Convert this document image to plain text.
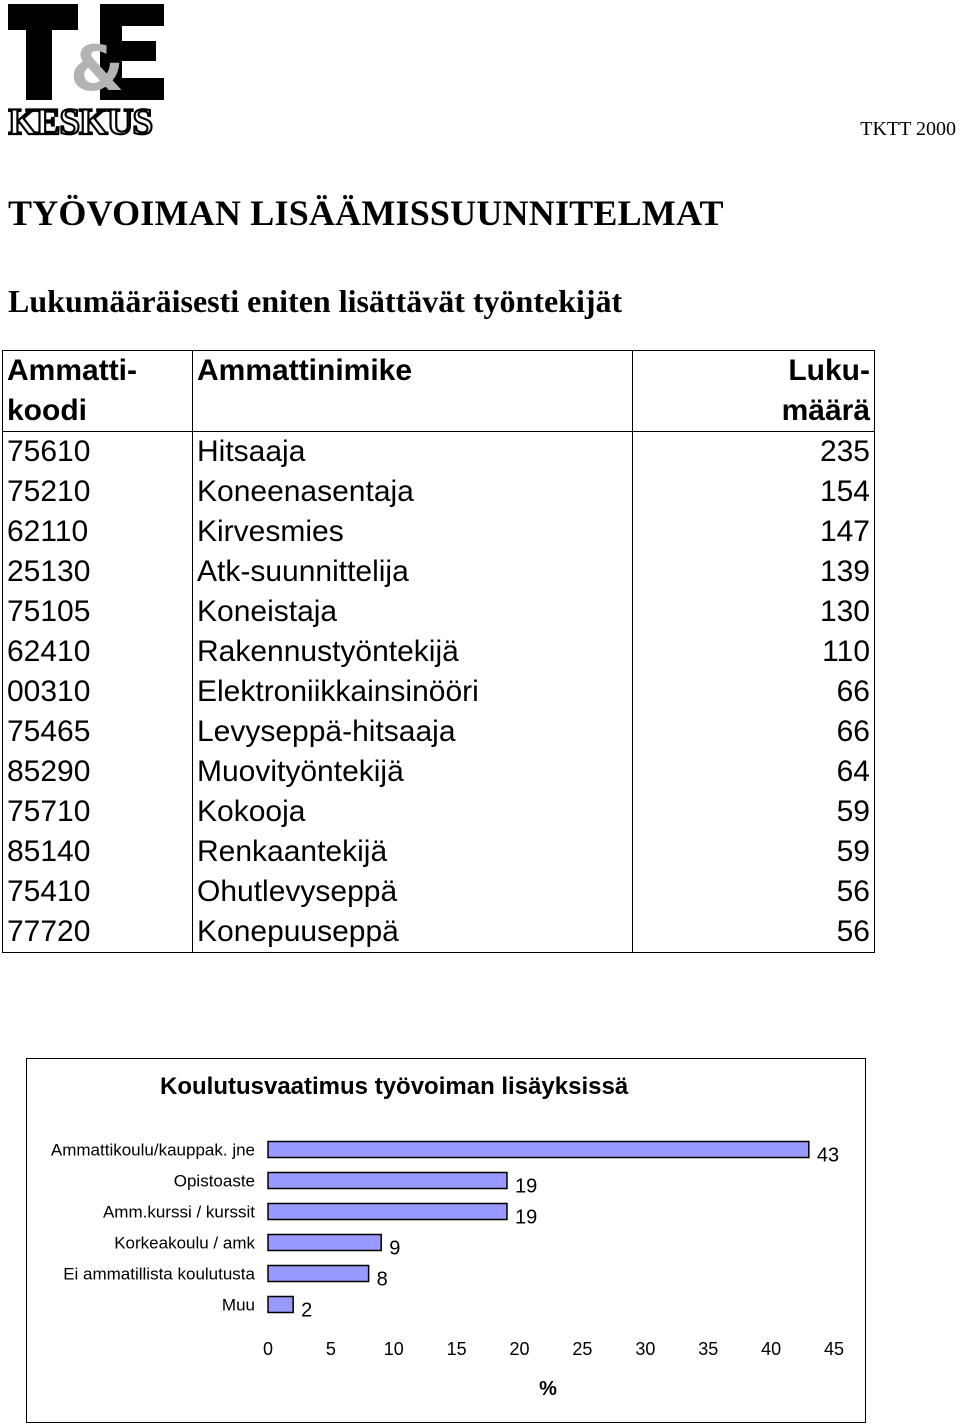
&
KESKUS	TKTT 2000
TYÖVOIMAN LISÄÄMISSUUNNITELMAT
Lukumääräisesti eniten lisättävät työntekijät
Ammatti-
koodi	Ammattinimike	Luku-
määrä
75610	Hitsaaja	235
75210	Koneenasentaja	154
62110	Kirvesmies	147
25130	Atk-suunnittelija	139
75105	Koneistaja	130
62410	Rakennustyöntekijä	110
00310	Elektroniikkainsinööri	66
75465	Levyseppä-hitsaaja	66
85290	Muovityöntekijä	64
75710	Kokooja	59
85140	Renkaantekijä	59
75410	Ohutlevyseppä	56
77720	Konepuuseppä	56
Koulutusvaatimus työvoiman lisäyksissä
Ammattikoulu/kauppak. jne	43
Opistoaste	19
Amm.kurssi / kurssit	19
Korkeakoulu / amk	9
Ei ammatillista koulutusta	8
Muu 2
0	5	10 15 20 25 30 35 40 45
%
